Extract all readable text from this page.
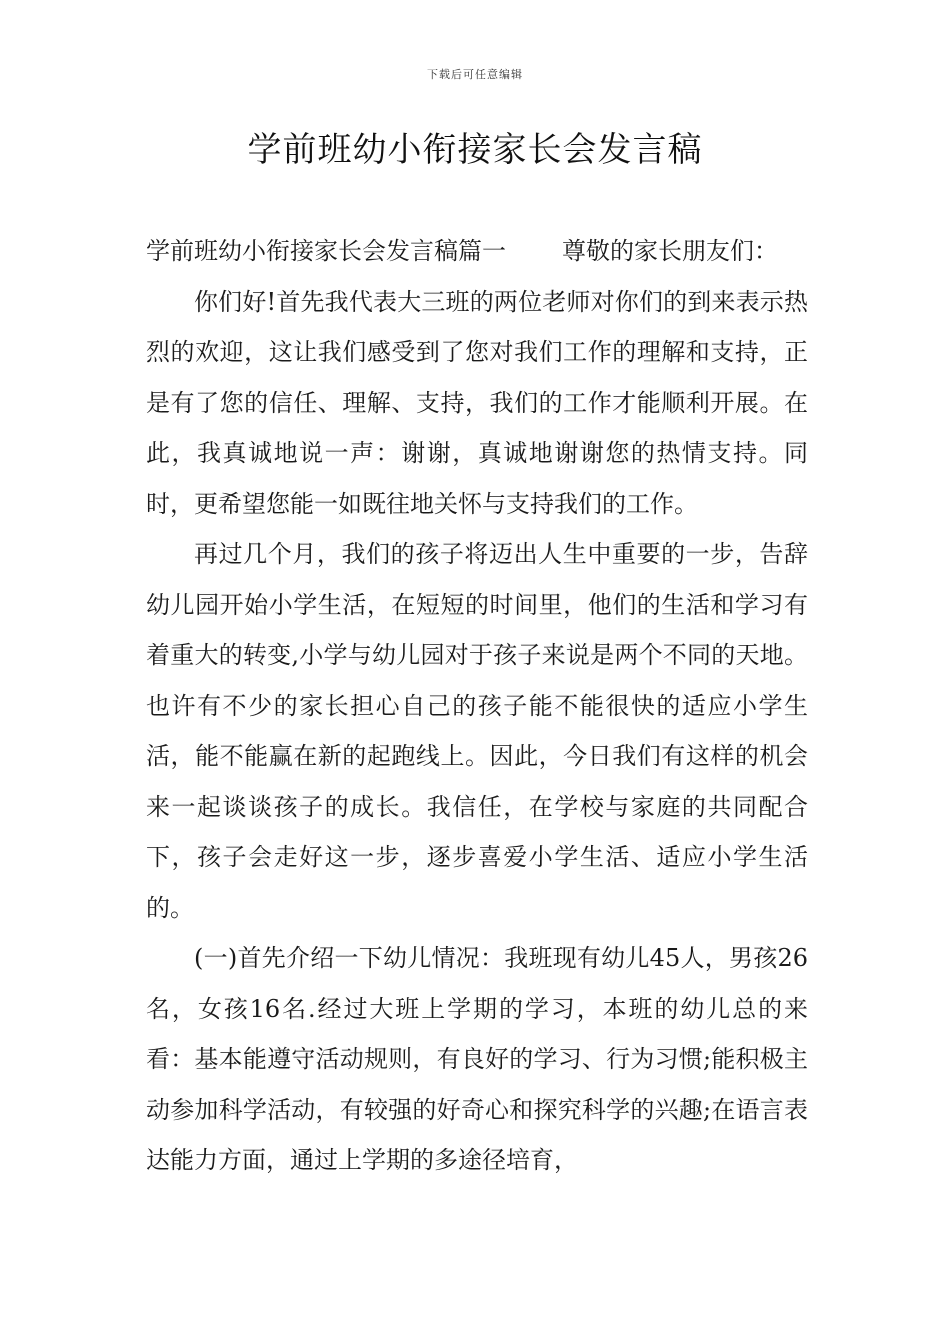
下载后可任意编辑
学前班幼小衔接家长会发言稿

学前班幼小衔接家长会发言稿篇一 尊敬的家长朋友们：

你们好!首先我代表大三班的两位老师对你们的到来表示热烈的欢迎，这让我们感受到了您对我们工作的理解和支持，正是有了您的信任、理解、支持，我们的工作才能顺利开展。在此，我真诚地说一声：谢谢，真诚地谢谢您的热情支持。同时，更希望您能一如既往地关怀与支持我们的工作。

再过几个月，我们的孩子将迈出人生中重要的一步，告辞幼儿园开始小学生活，在短短的时间里，他们的生活和学习有着重大的转变,小学与幼儿园对于孩子来说是两个不同的天地。也许有不少的家长担心自己的孩子能不能很快的适应小学生活，能不能赢在新的起跑线上。因此，今日我们有这样的机会来一起谈谈孩子的成长。我信任，在学校与家庭的共同配合下，孩子会走好这一步，逐步喜爱小学生活、适应小学生活的。

(一)首先介绍一下幼儿情况：我班现有幼儿45人，男孩26名，女孩16名.经过大班上学期的学习，本班的幼儿总的来看：基本能遵守活动规则，有良好的学习、行为习惯;能积极主动参加科学活动，有较强的好奇心和探究科学的兴趣;在语言表达能力方面，通过上学期的多途径培育，
